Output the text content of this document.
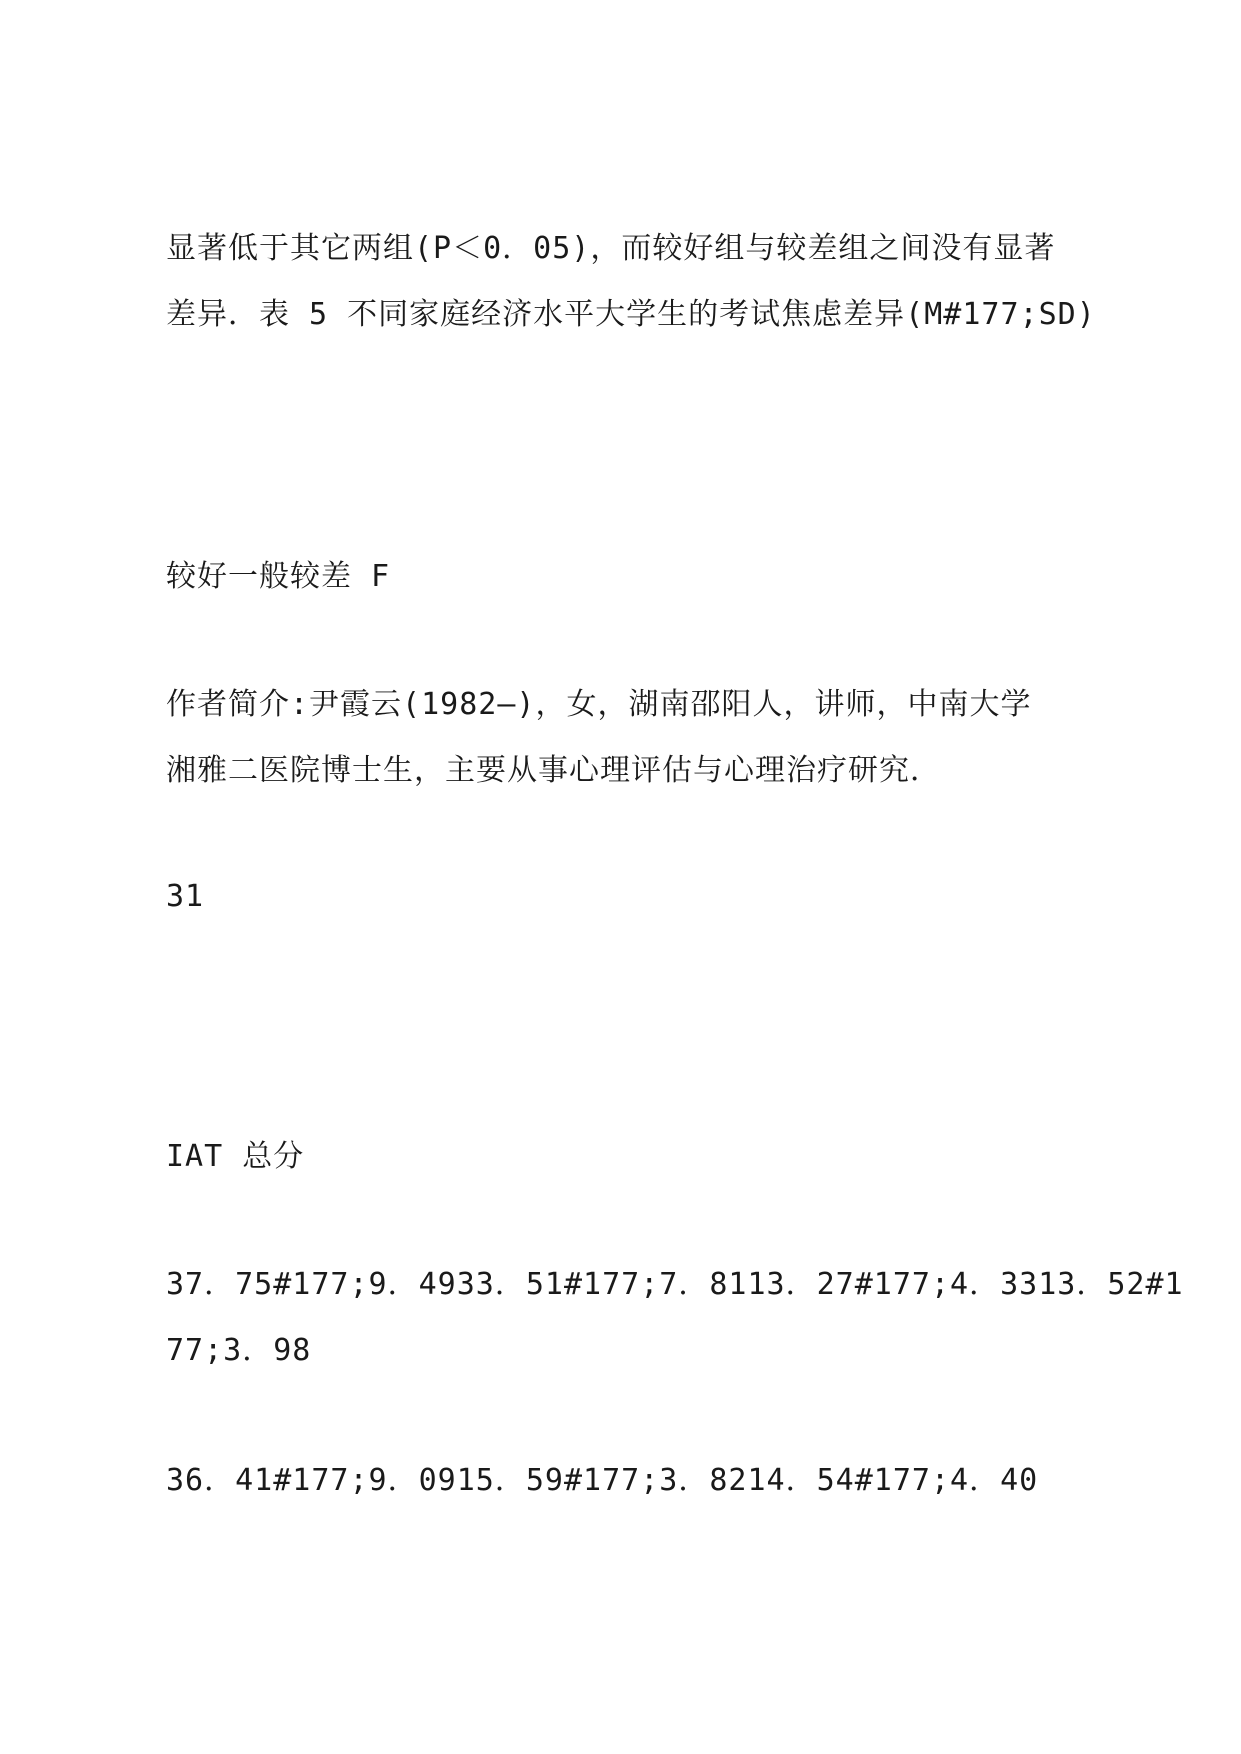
显著低于其它两组(P＜0．05)，而较好组与较差组之间没有显著
差异．表 5 不同家庭经济水平大学生的考试焦虑差异(M#177;SD)
较好一般较差 F
作者简介:尹霞云(1982—)，女，湖南邵阳人，讲师，中南大学
湘雅二医院博士生，主要从事心理评估与心理治疗研究．
31
IAT 总分
37．75#177;9．4933．51#177;7．8113．27#177;4．3313．52#1
77;3．98
36．41#177;9．0915．59#177;3．8214．54#177;4．40
